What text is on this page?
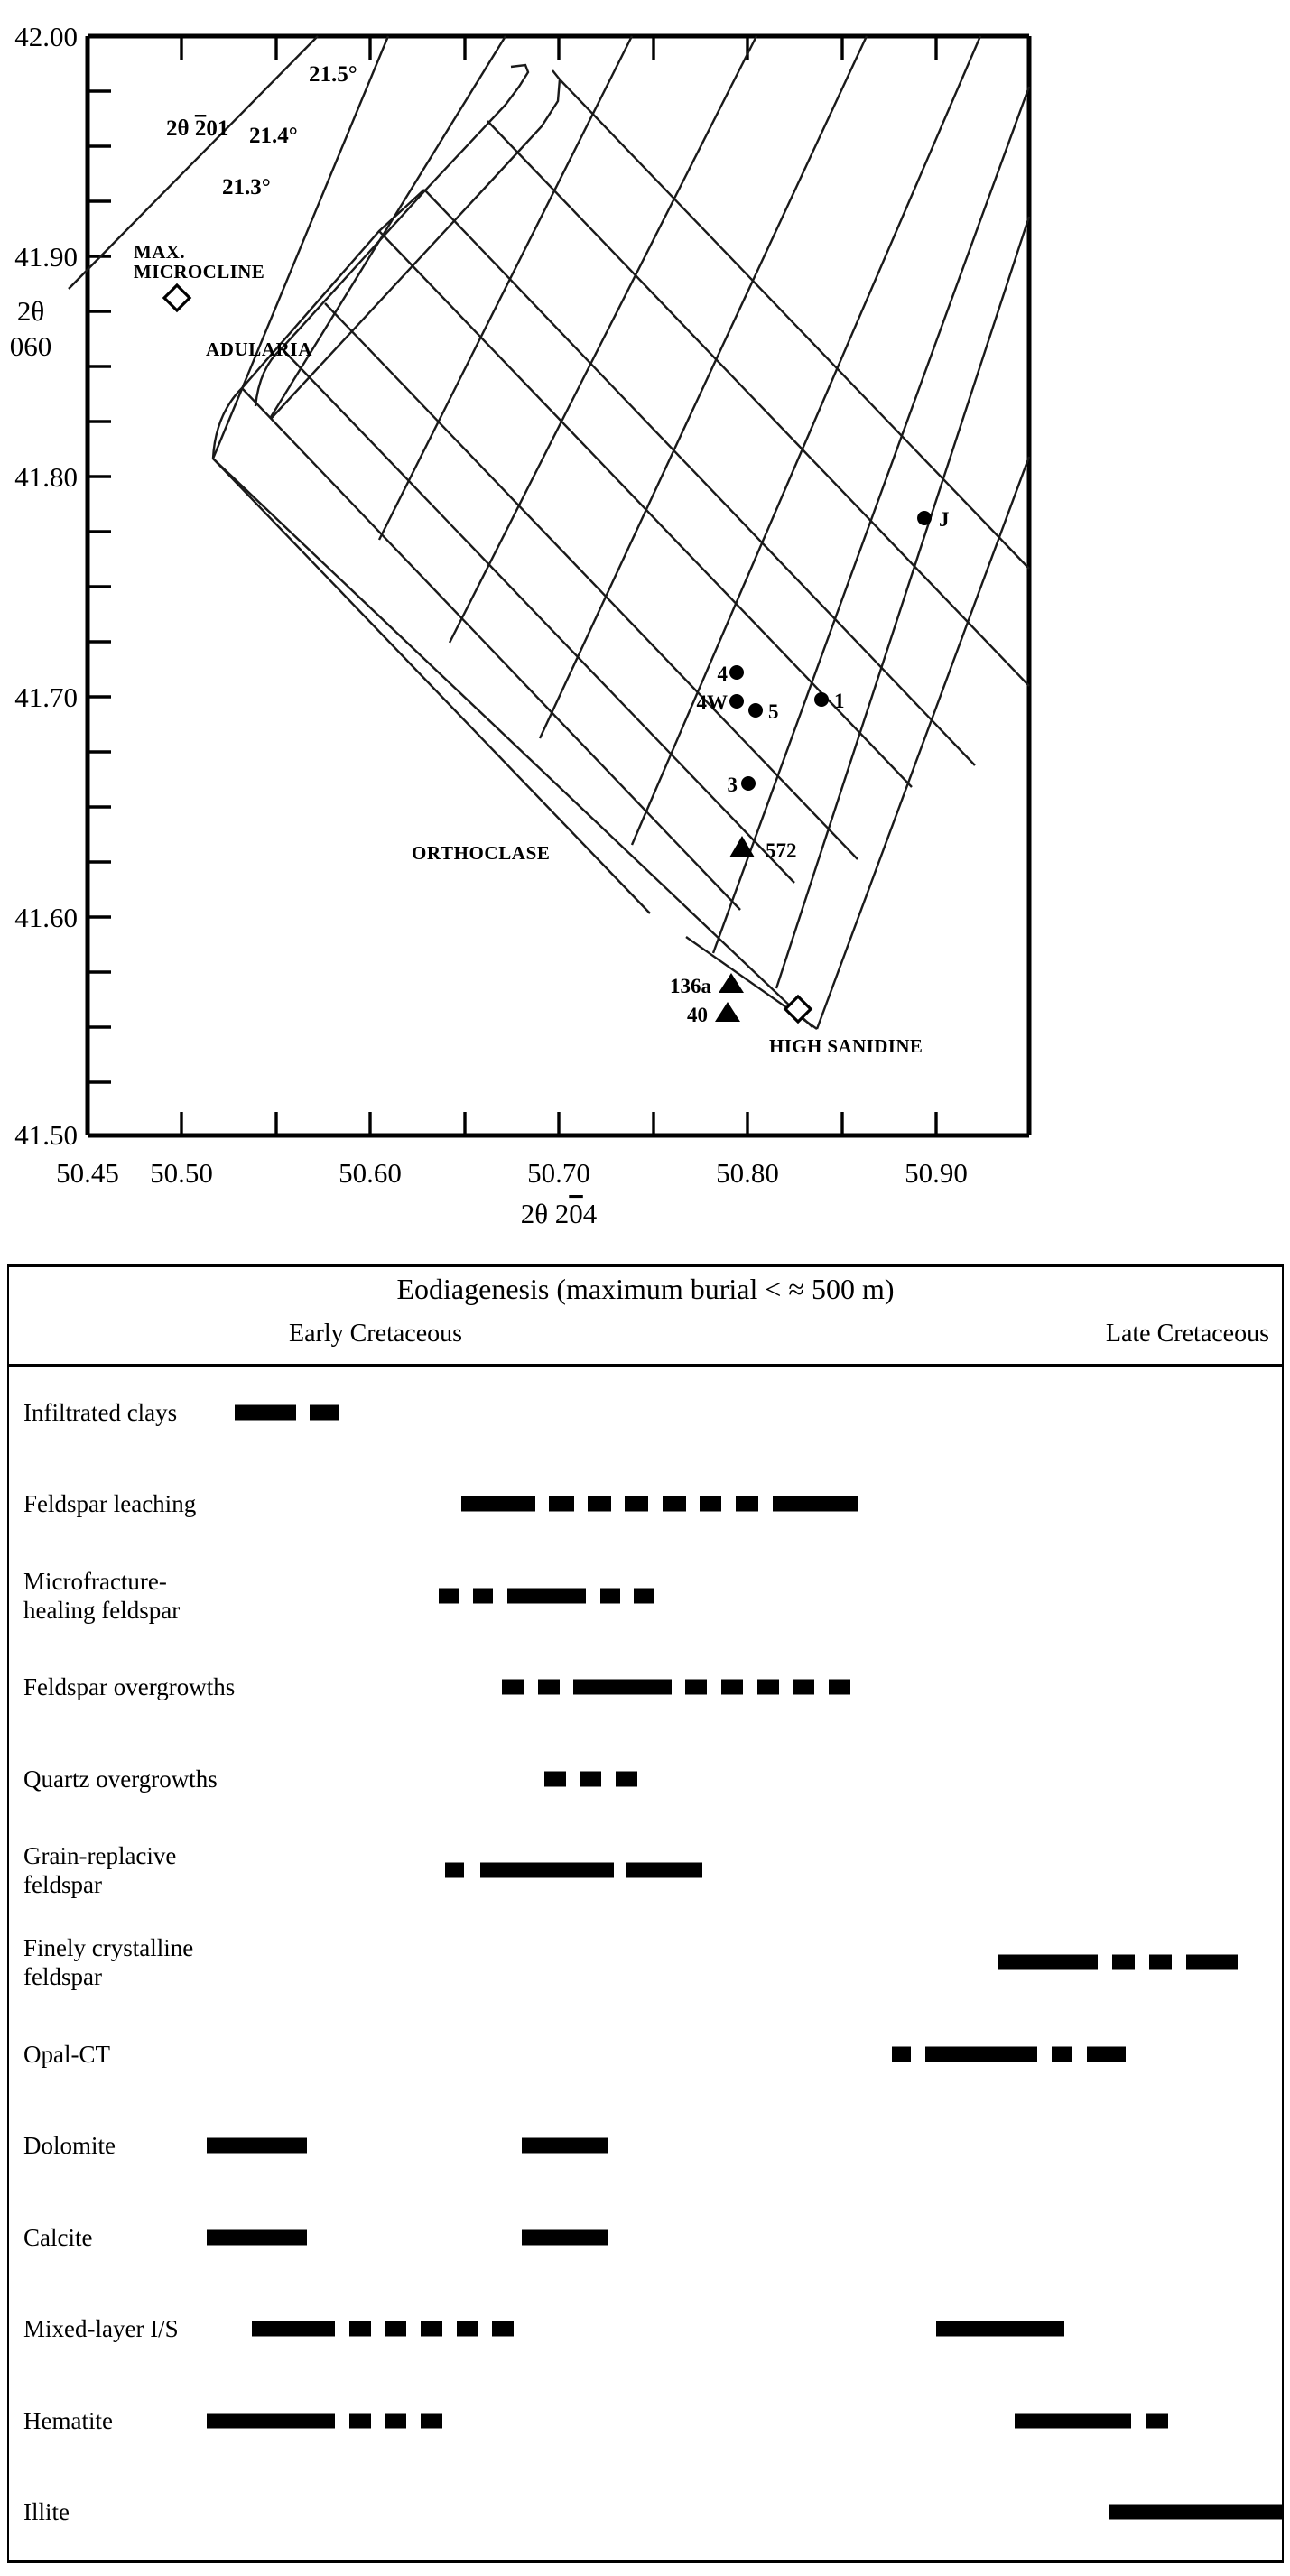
42.00
41.90
41.80
41.70
41.60
41.50
2θ
060
50.45 50.50	50.60	50.70	50.80	50.90
2θ 204
2θ 201
21.3°
21.4°
21.5°
MAX.
MICROCLINE
HIGH SANIDINE
ADULARIA
ORTHOCLASE
J
4
4W 5	1
3
572
136a
40
Eodiagenesis (maximum burial < ≈ 500 m)
Early Cretaceous	Late Cretaceous
Infiltrated clays
Feldspar leaching
Microfracture-
healing feldspar
Feldspar overgrowths
Quartz overgrowths
Grain-replacive
feldspar
Finely crystalline
feldspar
Opal-CT
Dolomite
Calcite
Mixed-layer I/S
Hematite
Illite
